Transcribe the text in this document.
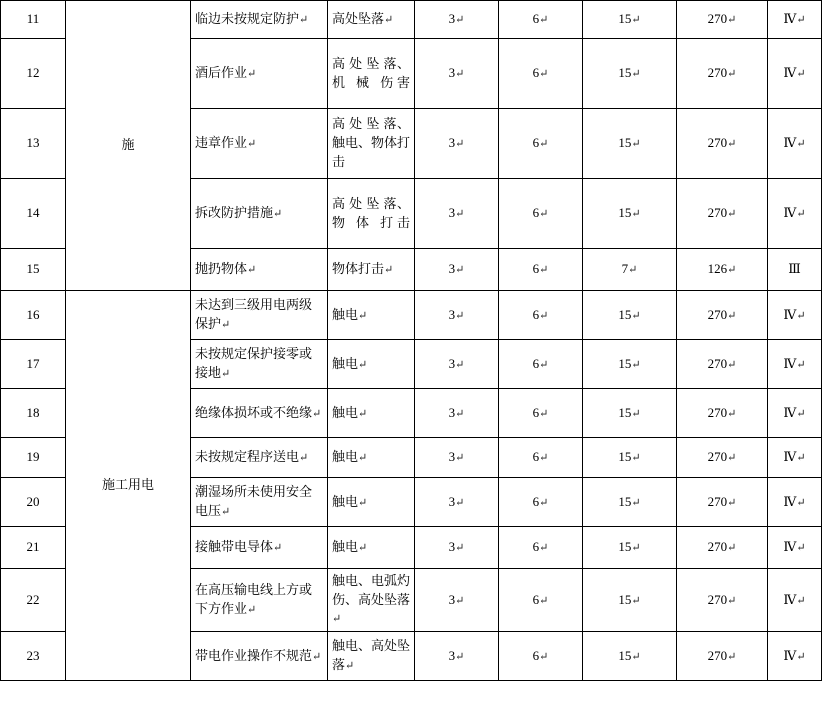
11	施	临边未按规定防护↵	高处坠落↵	3↵	6↵	15↵	270↵	Ⅳ↵
12		酒后作业↵	高 处 坠 落、机 械 伤害	3↵	6↵	15↵	270↵	Ⅳ↵
13		违章作业↵	高 处 坠 落、触电、物体打击	3↵	6↵	15↵	270↵	Ⅳ↵
14		拆改防护措施↵	高 处 坠 落、 物 体 打击	3↵	6↵	15↵	270↵	Ⅳ↵
15		抛扔物体↵	物体打击↵	3↵	6↵	7↵	126↵	Ⅲ
16	施工用电	未达到三级用电两级保护↵	触电↵	3↵	6↵	15↵	270↵	Ⅳ↵
17		未按规定保护接零或接地↵	触电↵	3↵	6↵	15↵	270↵	Ⅳ↵
18		绝缘体损坏或不绝缘↵	触电↵	3↵	6↵	15↵	270↵	Ⅳ↵
19		未按规定程序送电↵	触电↵	3↵	6↵	15↵	270↵	Ⅳ↵
20		潮湿场所未使用安全电压↵	触电↵	3↵	6↵	15↵	270↵	Ⅳ↵
21		接触带电导体↵	触电↵	3↵	6↵	15↵	270↵	Ⅳ↵
22		在高压输电线上方或下方作业↵	触电、电弧灼伤、高处坠落↵	3↵	6↵	15↵	270↵	Ⅳ↵
23		带电作业操作不规范↵	触电、高处坠落↵	3↵	6↵	15↵	270↵	Ⅳ↵
